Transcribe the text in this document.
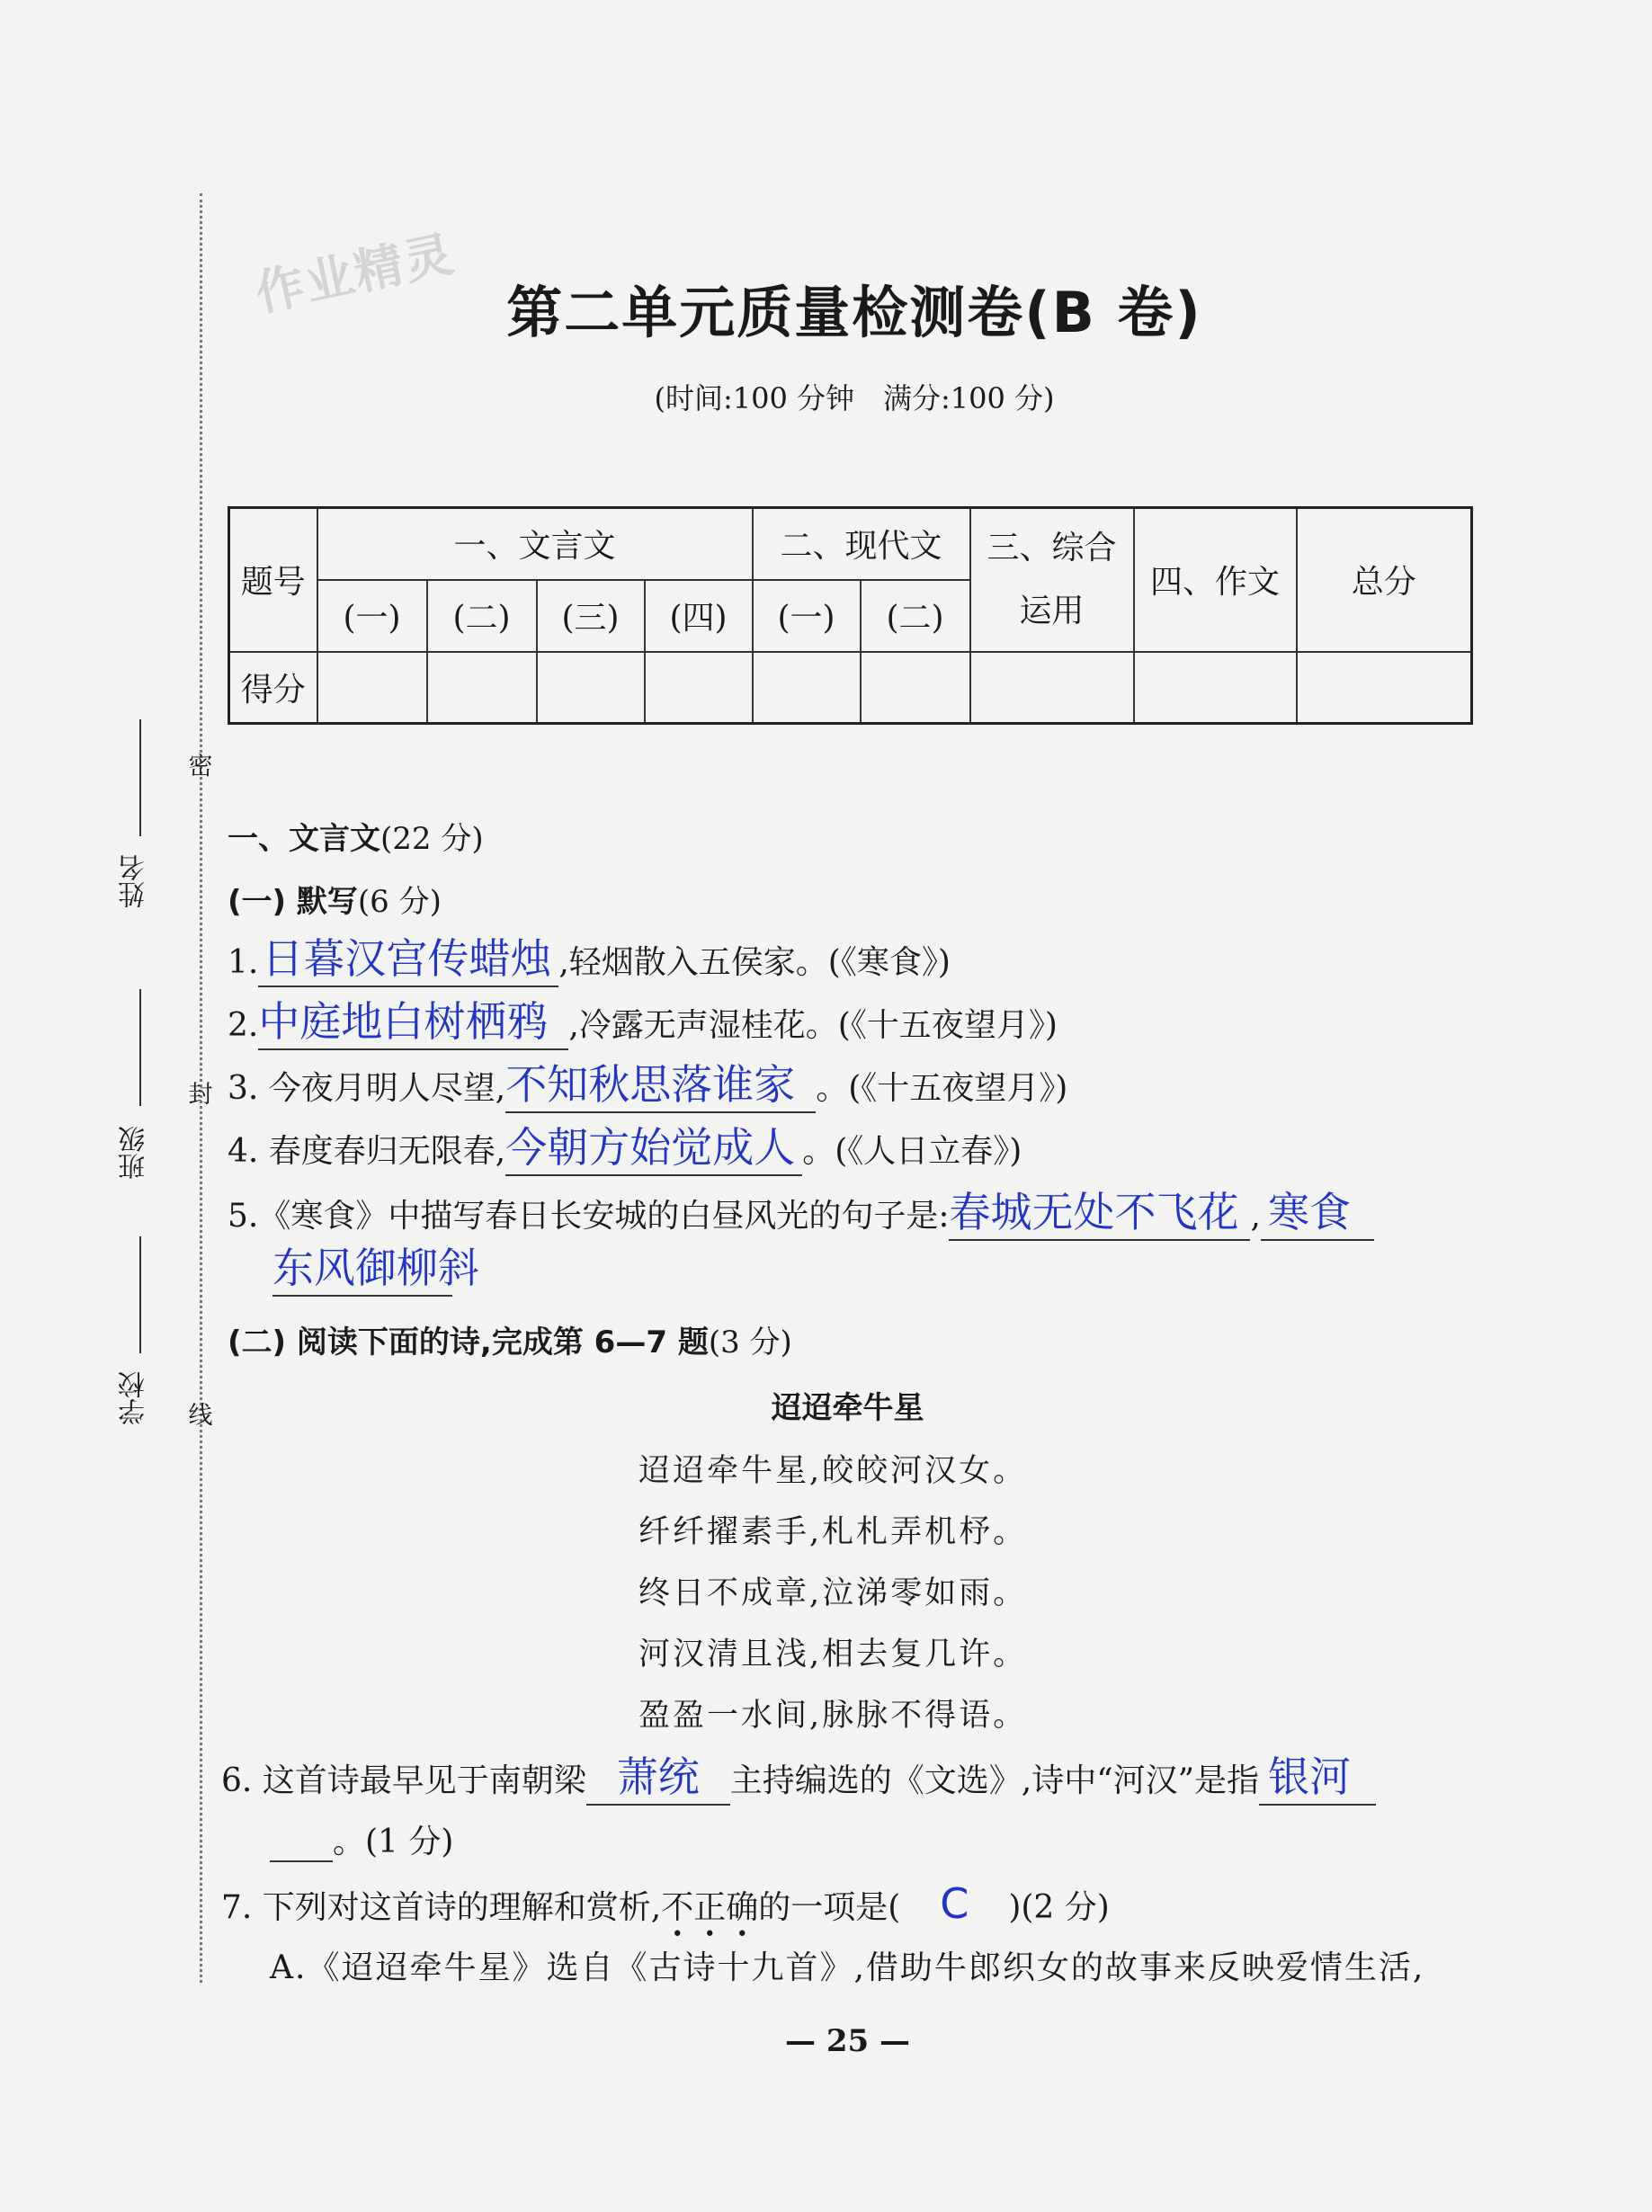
作业精灵
密
封
线
姓名
班级
学校
第二单元质量检测卷(B 卷)
(时间:100 分钟　满分:100 分)
题号	一、文言文				二、现代文		三、综合运用	四、作文	总分
	(一)	(二)	(三)	(四)	(一)	(二)			
得分									
一、文言文(22 分)
(一) 默写(6 分)
1.日暮汉宫传蜡烛 ,轻烟散入五侯家。(《寒食》)
2.中庭地白树栖鸦 ,冷露无声湿桂花。(《十五夜望月》)
3. 今夜月明人尽望,不知秋思落谁家 。(《十五夜望月》)
4. 春度春归无限春,今朝方始觉成人 。(《人日立春》)
5.《寒食》中描写春日长安城的白昼风光的句子是:春城无处不飞花 , 寒食
东风御柳斜
(二) 阅读下面的诗,完成第 6—7 题(3 分)
迢迢牵牛星
迢迢牵牛星,皎皎河汉女。
纤纤擢素手,札札弄机杼。
终日不成章,泣涕零如雨。
河汉清且浅,相去复几许。
盈盈一水间,脉脉不得语。
6. 这首诗最早见于南朝梁 萧统 主持编选的《文选》,诗中“河汉”是指 银河
。(1 分)
7. 下列对这首诗的理解和赏析,不正确的一项是( C )(2 分)
A.《迢迢牵牛星》选自《古诗十九首》,借助牛郎织女的故事来反映爱情生活,
— 25 —
